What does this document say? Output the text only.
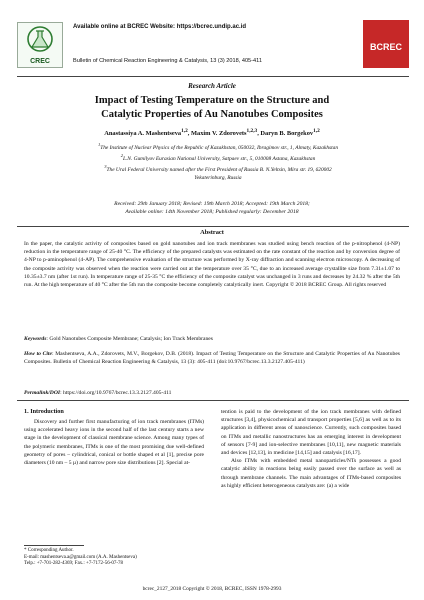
CREC
Available online at BCREC Website: https://bcrec.undip.ac.id
Bulletin of Chemical Reaction Engineering & Catalysis, 13 (3) 2018, 405-411
BCREC
Research Article
Impact of Testing Temperature on the Structure and
Catalytic Properties of Au Nanotubes Composites
Anastassiya A. Mashentseva$^{1,2}$, Maxim V. Zdorovets$^{1,2,3}$, Daryn B. Borgekov$^{1,2}$
$^1$The Institute of Nuclear Physics of the Republic of Kazakhstan, 050032, Ibragimov str., 1, Almaty, Kazakhstan
$^2$L.N. Gumilyov Eurasian National University, Satpaev str., 5, 010008 Astana, Kazakhstan
$^3$The Ural Federal University named after the First President of Russia B. N.Yeltsin, Mira str. 19, 620002 Yekaterinburg, Russia
Received: 29th January 2018; Revised: 19th March 2018; Accepted: 19th March 2018;
Available online: 14th November 2018; Published regularly: December 2018
Abstract
In the paper, the catalytic activity of composites based on gold nanotubes and ion track membranes was studied using bench reaction of the p-nitrophenol (4-NP) reduction in the temperature range of 25-40 °C. The efficiency of the prepared catalysts was estimated on the rate constant of the reaction and by conversion degree of 4-NP to p-aminophenol (4-AP). The comprehensive evaluation of the structure was performed by X-ray diffraction and scanning electron microscopy. A decreasing of the composite activity was observed when the reaction were carried out at the temperature over 35 °C, due to an increased average crystallite size from 7.31±1.07 to 10.35±3.7 nm (after 1st run). In temperature range of 25-35 °C the efficiency of the composite catalyst was unchanged in 3 runs and decreases by 24.32 % after the 5th run. At the high temperature of 40 °C after the 5th run the composite become completely catalytically inert. Copyright © 2018 BCREC Group. All rights reserved
Keywords: Gold Nanotubes Composite Membrane; Catalysis; Ion Track Membranes
How to Cite: Mashentseva, A.A., Zdorovets, M.V., Borgekov, D.B. (2018). Impact of Testing Temperature on the Structure and Catalytic Properties of Au Nanotubes Composites. Bulletin of Chemical Reaction Engineering & Catalysis, 13 (3): 405-411 (doi:10.9767/bcrec.13.3.2127.405-411)
Permalink/DOI: https://doi.org/10.9767/bcrec.13.3.2127.405-411
1. Introduction
Discovery and further first manufacturing of ion track membranes (ITMs) using accelerated heavy ions in the second half of the last century starts a new stage in the development of classical membrane science. Among many types of the polymeric membranes, ITMs is one of the most promising due well-defined geometry of pores – cylindrical, conical or bottle shaped et al [1], precise pore diameters (10 nm – 5 µ) and narrow pore size distributions [2]. Special at-
tention is paid to the development of the ion track membranes with defined structures [3,4], physicochemical and transport properties [5,6] as well as to its application in different areas of nanoscience. Currently, such composites based on ITMs and metallic nanostructures has an emerging interest in development of sensors [7-9] and ion-selective membranes [10,11], new magnetic materials and devices [12,13], in medicine [14,15] and catalysis [16,17].
Also ITMs with embedded metal nanoparticles/NTs possesses a good catalytic ability in reactions being easily passed over the surface as well as through membrane channels. The main advantages of ITMs-based composites as highly efficient heterogeneous catalysts are: (a) a wide
* Corresponding Author.
E-mail: mashentseva.a@gmail.com (A.A. Mashentseva)
Telp.: +7-701-282-4369; Fax.: +7-7172-56-07-78
bcrec_2127_2018 Copyright © 2018, BCREC, ISSN 1978-2993
